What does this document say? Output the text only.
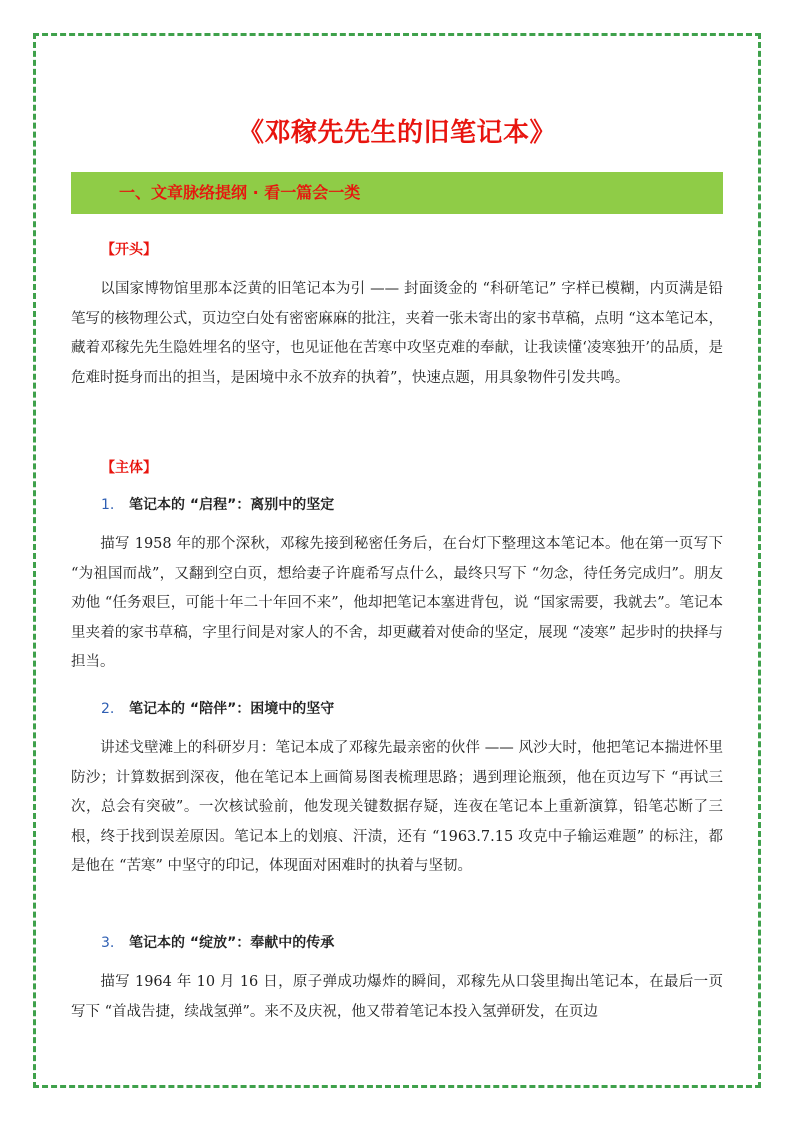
《邓稼先先生的旧笔记本》
一、文章脉络提纲 · 看一篇会一类
【开头】

以国家博物馆里那本泛黄的旧笔记本为引 —— 封面烫金的 “科研笔记” 字样已模糊，内页满是铅笔写的核物理公式，页边空白处有密密麻麻的批注，夹着一张未寄出的家书草稿，点明 “这本笔记本，藏着邓稼先先生隐姓埋名的坚守，也见证他在苦寒中攻坚克难的奉献，让我读懂‘凌寒独开’的品质，是危难时挺身而出的担当，是困境中永不放弃的执着”，快速点题，用具象物件引发共鸣。

【主体】
1. 笔记本的 “启程”：离别中的坚定

描写 1958 年的那个深秋，邓稼先接到秘密任务后，在台灯下整理这本笔记本。他在第一页写下 “为祖国而战”，又翻到空白页，想给妻子许鹿希写点什么，最终只写下 “勿念，待任务完成归”。朋友劝他 “任务艰巨，可能十年二十年回不来”，他却把笔记本塞进背包，说 “国家需要，我就去”。笔记本里夹着的家书草稿，字里行间是对家人的不舍，却更藏着对使命的坚定，展现 “凌寒” 起步时的抉择与担当。

2. 笔记本的 “陪伴”：困境中的坚守

讲述戈壁滩上的科研岁月：笔记本成了邓稼先最亲密的伙伴 —— 风沙大时，他把笔记本揣进怀里防沙；计算数据到深夜，他在笔记本上画简易图表梳理思路；遇到理论瓶颈，他在页边写下 “再试三次，总会有突破”。一次核试验前，他发现关键数据存疑，连夜在笔记本上重新演算，铅笔芯断了三根，终于找到误差原因。笔记本上的划痕、汗渍，还有 “1963.7.15 攻克中子输运难题” 的标注，都是他在 “苦寒” 中坚守的印记，体现面对困难时的执着与坚韧。

3. 笔记本的 “绽放”：奉献中的传承

描写 1964 年 10 月 16 日，原子弹成功爆炸的瞬间，邓稼先从口袋里掏出笔记本，在最后一页写下 “首战告捷，续战氢弹”。来不及庆祝，他又带着笔记本投入氢弹研发，在页边
